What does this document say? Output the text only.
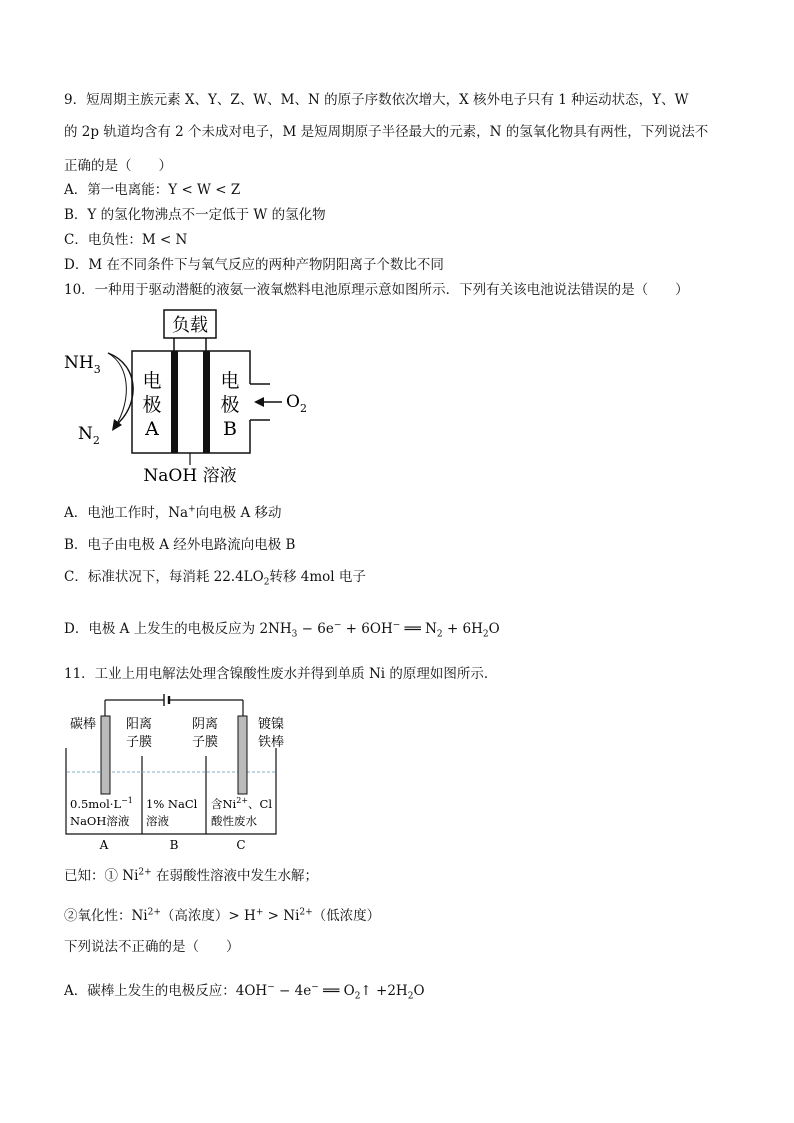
9．短周期主族元素 X、Y、Z、W、M、N 的原子序数依次增大，X 核外电子只有 1 种运动状态，Y、W
的 2p 轨道均含有 2 个未成对电子，M 是短周期原子半径最大的元素，N 的氢氧化物具有两性，下列说法不
正确的是（　　）
A．第一电离能：Y < W < Z
B．Y 的氢化物沸点不一定低于 W 的氢化物
C．电负性：M < N
D．M 在不同条件下与氧气反应的两种产物阴阳离子个数比不同
10．一种用于驱动潜艇的液氨一液氧燃料电池原理示意如图所示．下列有关该电池说法错误的是（　　）
负载
电
极
A
电
极
B
$NH_3$
$N_2$
$O_2$
NaOH 溶液
A．电池工作时，Na+向电极 A 移动
B．电子由电极 A 经外电路流向电极 B
C．标准状况下，每消耗 $22.4LO_2$转移 4mol 电子
D．电极 A 上发生的电极反应为 $2NH_3 - 6e^- + 6OH^-$ ══ $N_2 + 6H_2O$
11．工业上用电解法处理含镍酸性废水并得到单质 Ni 的原理如图所示．
碳棒 阳离
子膜
阴离
子膜
镀镍
铁棒
$0.5mol\cdot L^{-1}$
NaOH溶液
1% NaCl
溶液
含$Ni^{2+}$、Cl
酸性废水
A	B	C
已知：① $Ni^{2+}$ 在弱酸性溶液中发生水解；
②氧化性：$Ni^{2+}$（高浓度）> $H^+ > Ni^{2+}$（低浓度）
下列说法不正确的是（　　）
A．碳棒上发生的电极反应：4OH− − 4e− ══ $O_2↑ +2H_2O$
